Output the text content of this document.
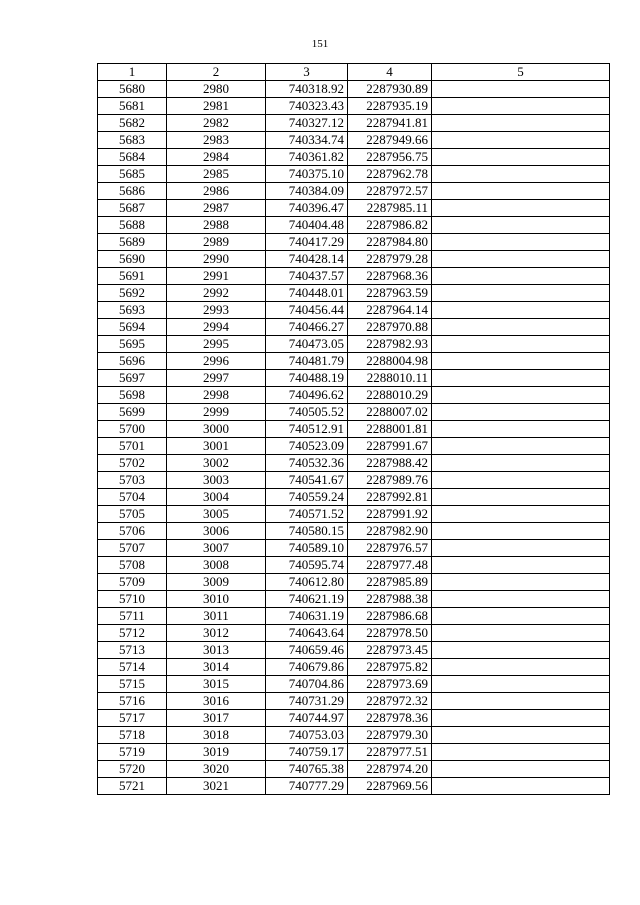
151
1	2	3	4	5
5680	2980	740318.92	2287930.89	
5681	2981	740323.43	2287935.19	
5682	2982	740327.12	2287941.81	
5683	2983	740334.74	2287949.66	
5684	2984	740361.82	2287956.75	
5685	2985	740375.10	2287962.78	
5686	2986	740384.09	2287972.57	
5687	2987	740396.47	2287985.11	
5688	2988	740404.48	2287986.82	
5689	2989	740417.29	2287984.80	
5690	2990	740428.14	2287979.28	
5691	2991	740437.57	2287968.36	
5692	2992	740448.01	2287963.59	
5693	2993	740456.44	2287964.14	
5694	2994	740466.27	2287970.88	
5695	2995	740473.05	2287982.93	
5696	2996	740481.79	2288004.98	
5697	2997	740488.19	2288010.11	
5698	2998	740496.62	2288010.29	
5699	2999	740505.52	2288007.02	
5700	3000	740512.91	2288001.81	
5701	3001	740523.09	2287991.67	
5702	3002	740532.36	2287988.42	
5703	3003	740541.67	2287989.76	
5704	3004	740559.24	2287992.81	
5705	3005	740571.52	2287991.92	
5706	3006	740580.15	2287982.90	
5707	3007	740589.10	2287976.57	
5708	3008	740595.74	2287977.48	
5709	3009	740612.80	2287985.89	
5710	3010	740621.19	2287988.38	
5711	3011	740631.19	2287986.68	
5712	3012	740643.64	2287978.50	
5713	3013	740659.46	2287973.45	
5714	3014	740679.86	2287975.82	
5715	3015	740704.86	2287973.69	
5716	3016	740731.29	2287972.32	
5717	3017	740744.97	2287978.36	
5718	3018	740753.03	2287979.30	
5719	3019	740759.17	2287977.51	
5720	3020	740765.38	2287974.20	
5721	3021	740777.29	2287969.56	
